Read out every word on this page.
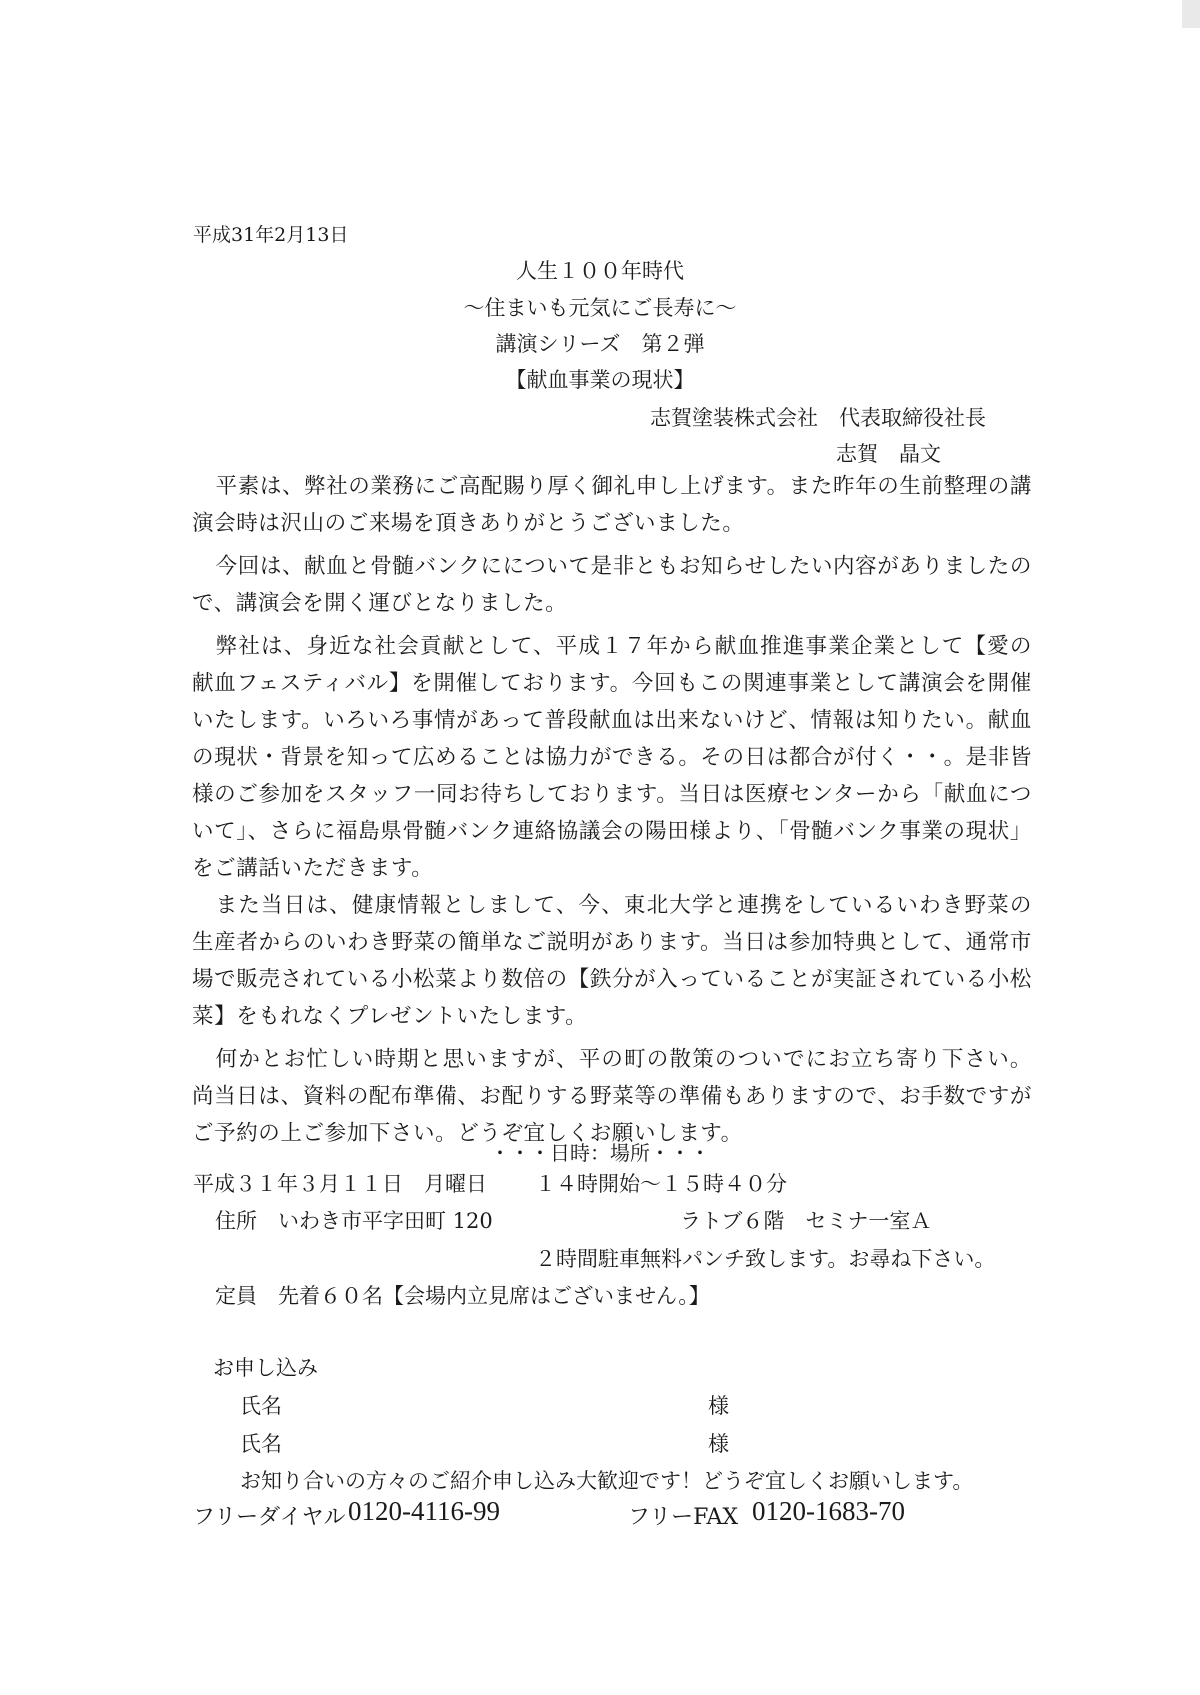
平成31年2月13日
人生１００年時代
〜住まいも元気にご長寿に〜
講演シリーズ　第２弾
【献血事業の現状】
志賀塗装株式会社　代表取締役社長
志賀　晶文

平素は、弊社の業務にご高配賜り厚く御礼申し上げます。また昨年の生前整理の講演会時は沢山のご来場を頂きありがとうございました。

今回は、献血と骨髄バンクにについて是非ともお知らせしたい内容がありましたので、講演会を開く運びとなりました。

弊社は、身近な社会貢献として、平成１７年から献血推進事業企業として【愛の献血フェスティバル】を開催しております。今回もこの関連事業として講演会を開催いたします。いろいろ事情があって普段献血は出来ないけど、情報は知りたい。献血の現状・背景を知って広めることは協力ができる。その日は都合が付く・・。是非皆様のご参加をスタッフ一同お待ちしております。当日は医療センターから「献血について」、さらに福島県骨髄バンク連絡協議会の陽田様より、「骨髄バンク事業の現状」をご講話いただきます。

また当日は、健康情報としまして、今、東北大学と連携をしているいわき野菜の生産者からのいわき野菜の簡単なご説明があります。当日は参加特典として、通常市場で販売されている小松菜より数倍の【鉄分が入っていることが実証されている小松菜】をもれなくプレゼントいたします。

何かとお忙しい時期と思いますが、平の町の散策のついでにお立ち寄り下さい。尚当日は、資料の配布準備、お配りする野菜等の準備もありますので、お手数ですがご予約の上ご参加下さい。どうぞ宜しくお願いします。

・・・日時：場所・・・
平成３１年３月１１日　月曜日 １４時開始〜１５時４０分
住所　いわき市平字田町 120	ラトブ６階　セミナ一室Ａ
２時間駐車無料パンチ致します。お尋ね下さい。
定員　先着６０名【会場内立見席はございません。】
お申し込み
氏名	様
氏名	様
お知り合いの方々のご紹介申し込み大歓迎です！どうぞ宜しくお願いします。
フリーダイヤル 0120-4116-99	フリーFAX 0120-1683-70
